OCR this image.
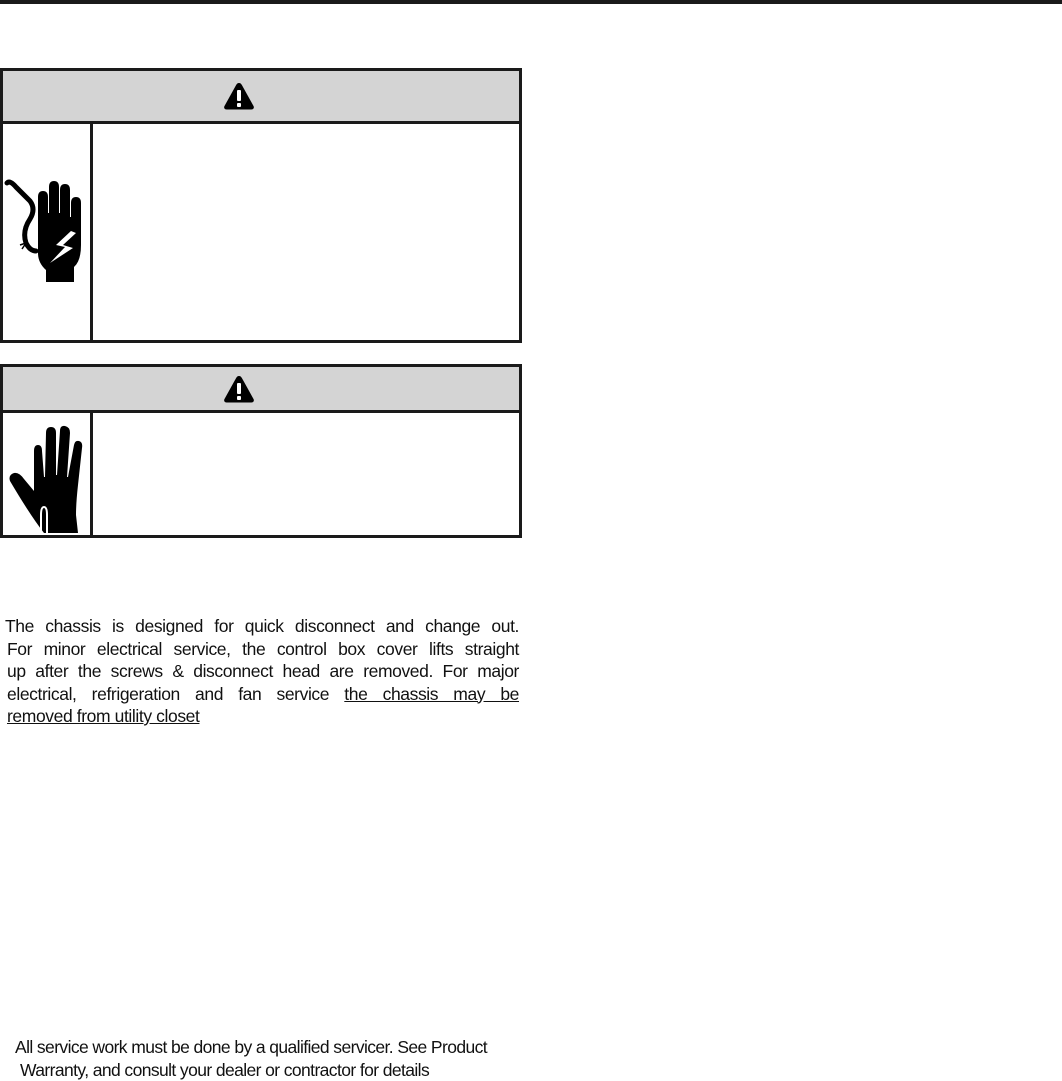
The chassis is designed for quick disconnect and change out.
For minor electrical service, the control box cover lifts straight
up after the screws & disconnect head are removed. For major
electrical, refrigeration and fan service the chassis may be
removed from utility closet
All service work must be done by a qualified servicer. See Product
Warranty, and consult your dealer or contractor for details
